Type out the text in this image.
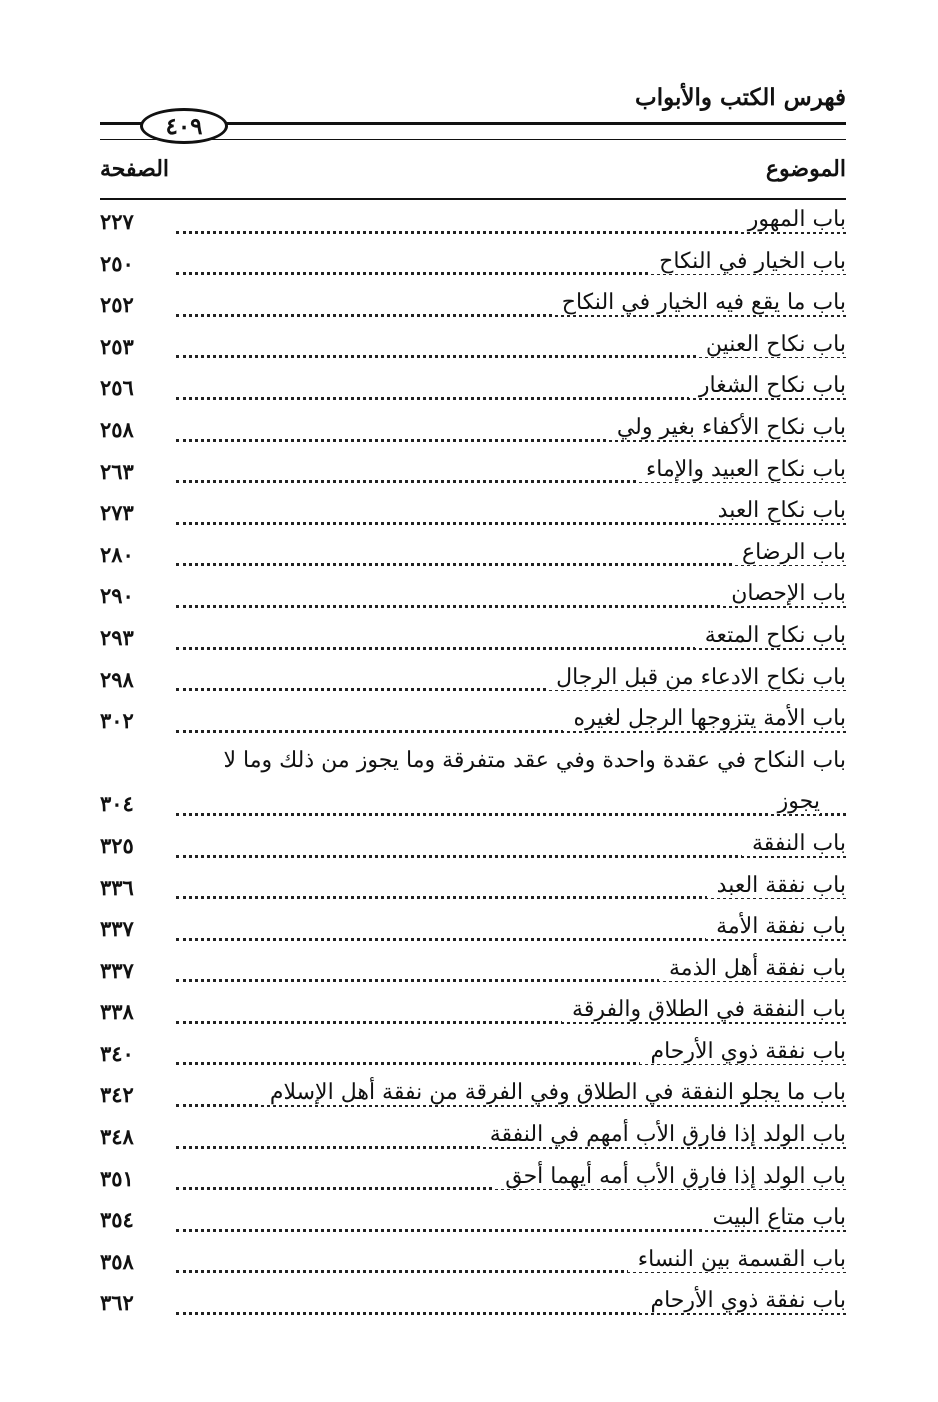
فهرس الكتب والأبواب
٤٠٩
الموضوع
الصفحة
باب المهور
٢٢٧
باب الخيار في النكاح
٢٥٠
باب ما يقع فيه الخيار في النكاح
٢٥٢
باب نكاح العنين
٢٥٣
باب نكاح الشغار
٢٥٦
باب نكاح الأكفاء بغير ولي
٢٥٨
باب نكاح العبيد والإماء
٢٦٣
باب نكاح العبد
٢٧٣
باب الرضاع
٢٨٠
باب الإحصان
٢٩٠
باب نكاح المتعة
٢٩٣
باب نكاح الادعاء من قبل الرجال
٢٩٨
باب الأمة يتزوجها الرجل لغيره
٣٠٢
باب النكاح في عقدة واحدة وفي عقد متفرقة وما يجوز من ذلك وما لا
يجوز
٣٠٤
باب النفقة
٣٢٥
باب نفقة العبد
٣٣٦
باب نفقة الأمة
٣٣٧
باب نفقة أهل الذمة
٣٣٧
باب النفقة في الطلاق والفرقة
٣٣٨
باب نفقة ذوي الأرحام
٣٤٠
باب ما يجلو النفقة في الطلاق وفي الفرقة من نفقة أهل الإسلام
٣٤٢
باب الولد إذا فارق الأب أمهم في النفقة
٣٤٨
باب الولد إذا فارق الأب أمه أيهما أحق
٣٥١
باب متاع البيت
٣٥٤
باب القسمة بين النساء
٣٥٨
باب نفقة ذوي الأرحام
٣٦٢
